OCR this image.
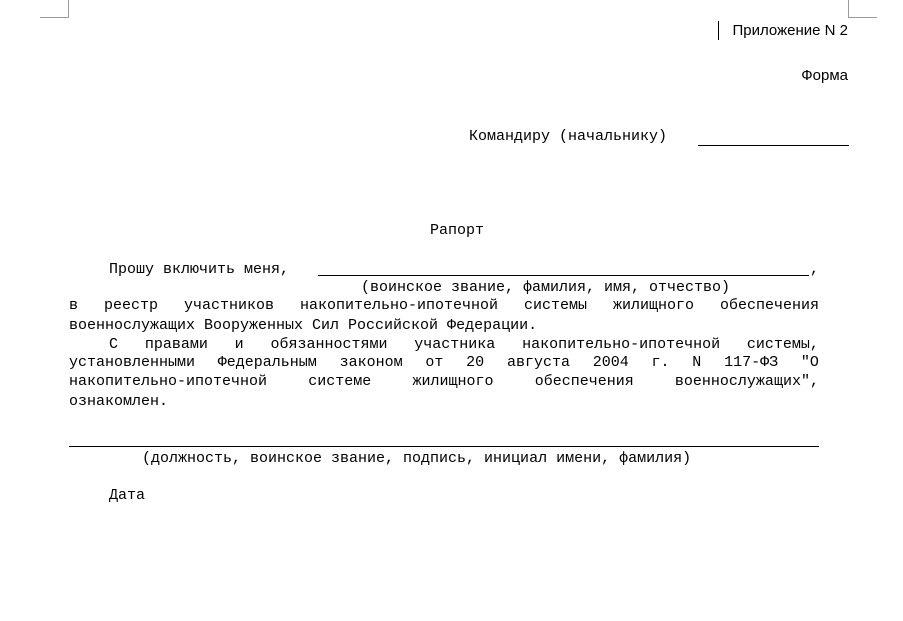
Приложение N 2
Форма
Командиру (начальнику)
Рапорт
Прошу включить меня,	,
(воинское звание, фамилия, имя, отчество)
в реестр участников накопительно-ипотечной системы жилищного обеспечения
военнослужащих Вооруженных Сил Российской Федерации.
С правами и обязанностями участника накопительно-ипотечной системы,
установленными Федеральным законом от 20 августа 2004 г. N 117-ФЗ "О
накопительно-ипотечной	системе	жилищного	обеспечения	военнослужащих",
ознакомлен.
(должность, воинское звание, подпись, инициал имени, фамилия)
Дата
